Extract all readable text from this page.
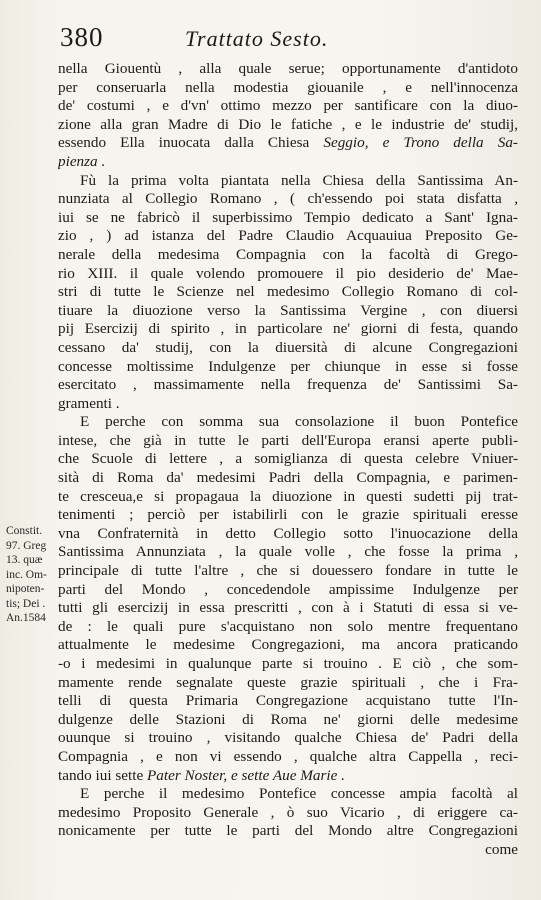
380	Trattato Sesto.
nella Giouentù , alla quale serue; opportunamente d'antidoto
per conseruarla nella modestia giouanile , e nell'innocenza
de' costumi , e d'vn' ottimo mezzo per santificare con la diuo-
zione alla gran Madre di Dio le fatiche , e le industrie de' studij,
essendo Ella inuocata dalla Chiesa Seggio, e Trono della Sa-
pienza .
Fù la prima volta piantata nella Chiesa della Santissima An-
nunziata al Collegio Romano , ( ch'essendo poi stata disfatta ,
iui se ne fabricò il superbissimo Tempio dedicato a Sant' Igna-
zio , ) ad istanza del Padre Claudio Acquauiua Preposito Ge-
nerale della medesima Compagnia con la facoltà di Grego-
rio XIII. il quale volendo promouere il pio desiderio de' Mae-
stri di tutte le Scienze nel medesimo Collegio Romano di col-
tiuare la diuozione verso la Santissima Vergine , con diuersi
pij Esercizij di spirito , in particolare ne' giorni di festa, quando
cessano da' studij, con la diuersità di alcune Congregazioni
concesse moltissime Indulgenze per chiunque in esse si fosse
esercitato , massimamente nella frequenza de' Santissimi Sa-
gramenti .
E perche con somma sua consolazione il buon Pontefice
intese, che già in tutte le parti dell'Europa eransi aperte publi-
che Scuole di lettere , a somiglianza di questa celebre Vniuer-
sità di Roma da' medesimi Padri della Compagnia, e parimen-
te cresceua,e si propagaua la diuozione in questi sudetti pij trat-
tenimenti ; perciò per istabilirli con le grazie spirituali eresse
vna Confraternità in detto Collegio sotto l'inuocazione della
Santissima Annunziata , la quale volle , che fosse la prima ,
principale di tutte l'altre , che si douessero fondare in tutte le
parti del Mondo , concedendole ampissime Indulgenze per
tutti gli esercizij in essa prescritti , con à i Statuti di essa si ve-
de : le quali pure s'acquistano non solo mentre frequentano
attualmente le medesime Congregazioni, ma ancora praticando
-o i medesimi in qualunque parte si trouino . E ciò , che som-
mamente rende segnalate queste grazie spirituali , che i Fra-
telli di questa Primaria Congregazione acquistano tutte l'In-
dulgenze delle Stazioni di Roma ne' giorni delle medesime
ouunque si trouino , visitando qualche Chiesa de' Padri della
Compagnia , e non vi essendo , qualche altra Cappella , reci-
tando iui sette Pater Noster, e sette Aue Marie .
E perche il medesimo Pontefice concesse ampia facoltà al
medesimo Proposito Generale , ò suo Vicario , di eriggere ca-
nonicamente per tutte le parti del Mondo altre Congregazioni
come
Constit.
97. Greg
13. quæ
inc. Om-
nipoten-
tis; Dei .
An.1584
